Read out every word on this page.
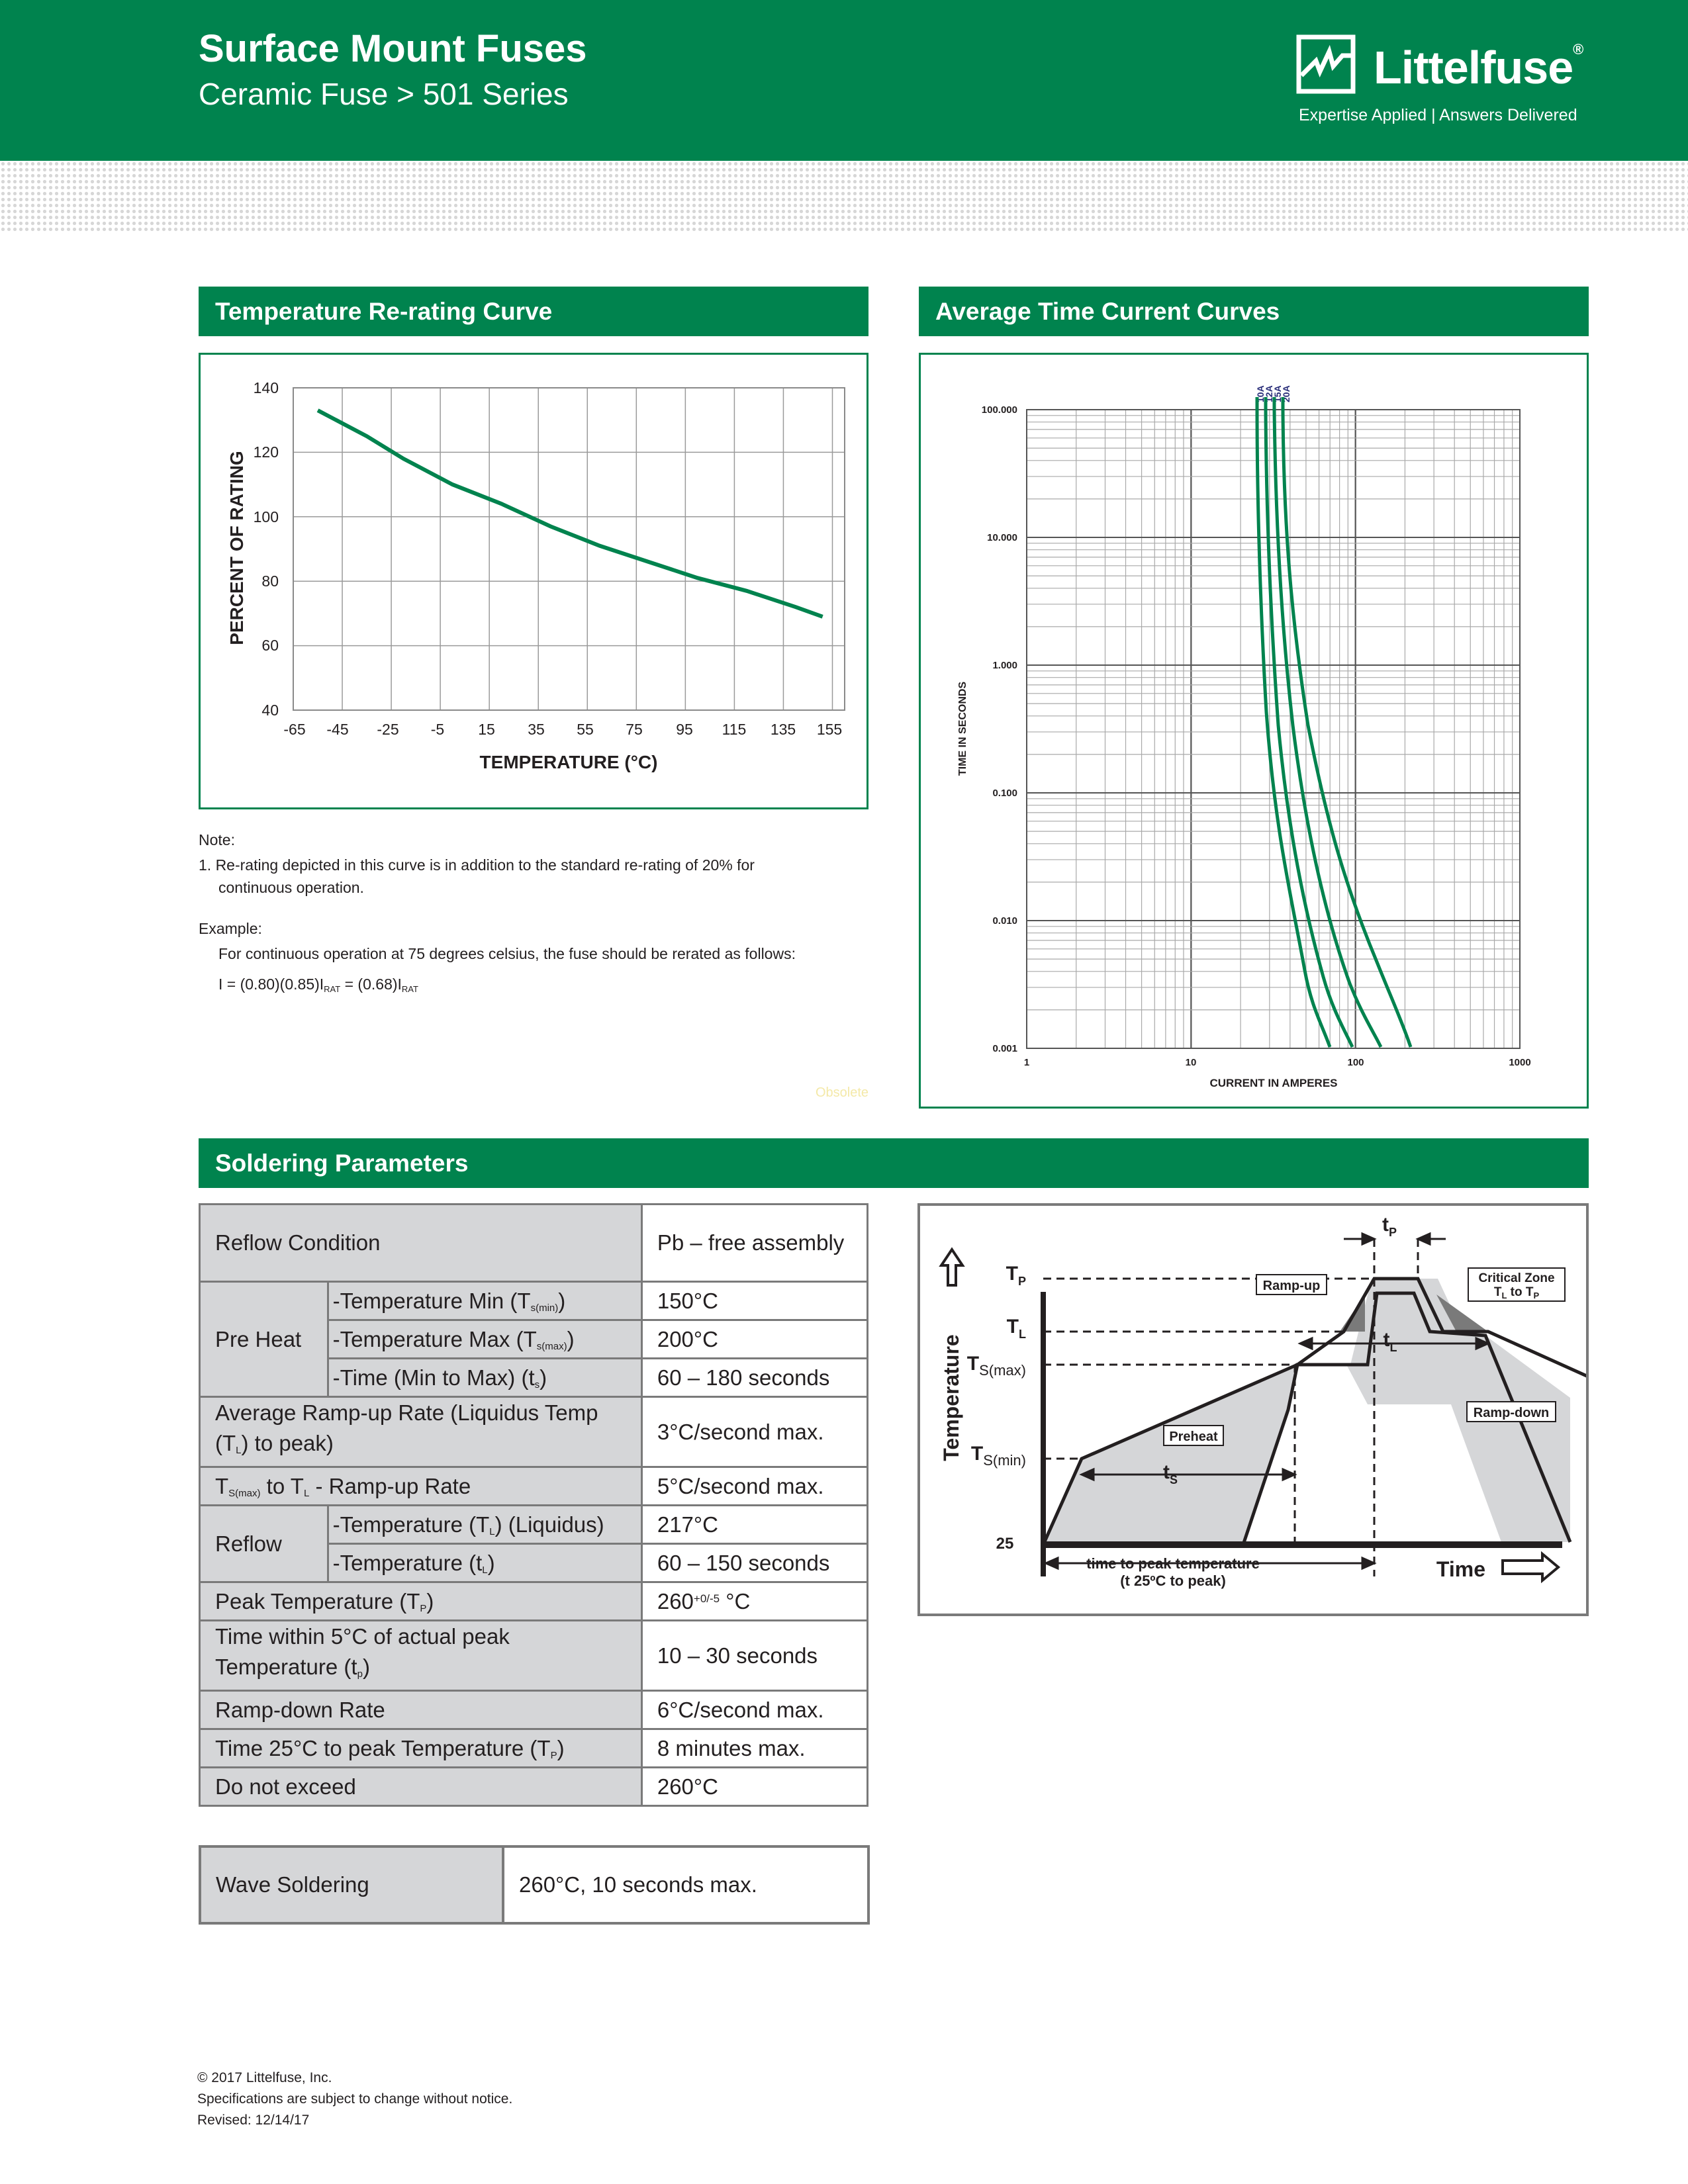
Surface Mount Fuses
Ceramic Fuse > 501 Series
Littelfuse®
Expertise Applied | Answers Delivered
Temperature Re-rating Curve	Average Time Current Curves
Soldering Parameters
140
120
100
80
60
40
-65 -45 -25 -5 15 35 55 75 95 115 135 155
TEMPERATURE (°C)
PERCENT OF RATING
Note:
1. Re-rating depicted in this curve is in addition to the standard re-rating of 20% for
continuous operation.
Example:
For continuous operation at 75 degrees celsius, the fuse should be rerated as follows:
$I = (0.80)(0.85)I_{RAT} = (0.68)I_{RAT}$
Obsolete
100.000
10.000
1.000
0.100
0.010
0.001
1	10	100	1000
CURRENT IN AMPERES
TIME IN SECONDS
10A
12A
15A
20A
Reflow Condition		Pb – free assembly
Pre Heat	-Temperature Min $(T_{s(min)})$	150°C
	-Temperature Max $(T_{s(max)})$	200°C
	-Time (Min to Max) $(t_s)$	60 – 180 seconds
Average Ramp-up Rate (Liquidus Temp
$(T_L)$ to peak)		3°C/second max.
$T_{S(max)}$ to $T_L$ - Ramp-up Rate		5°C/second max.
Reflow	-Temperature $(T_L)$ (Liquidus)	217°C
	-Temperature $(t_L)$	60 – 150 seconds
Peak Temperature $(T_P)$		$260^{+0/-5}$ °C
Time within 5°C of actual peak
Temperature $(t_p)$		10 – 30 seconds
Ramp-down Rate		6°C/second max.
Time 25°C to peak Temperature $(T_P)$		8 minutes max.
Do not exceed		260°C
Wave Soldering	260°C, 10 seconds max.
$T_P$
$t_P$
$T_L$
$T_{S(max)}$
$T_{S(min)}$
25
$t_L$
$t_S$
Temperature
Time
time to peak temperature
(t 25ºC to peak)
Ramp-up
Preheat
Ramp-down
Critical Zone
$T_L$ to $T_P$
© 2017 Littelfuse, Inc.
Specifications are subject to change without notice.
Revised: 12/14/17
